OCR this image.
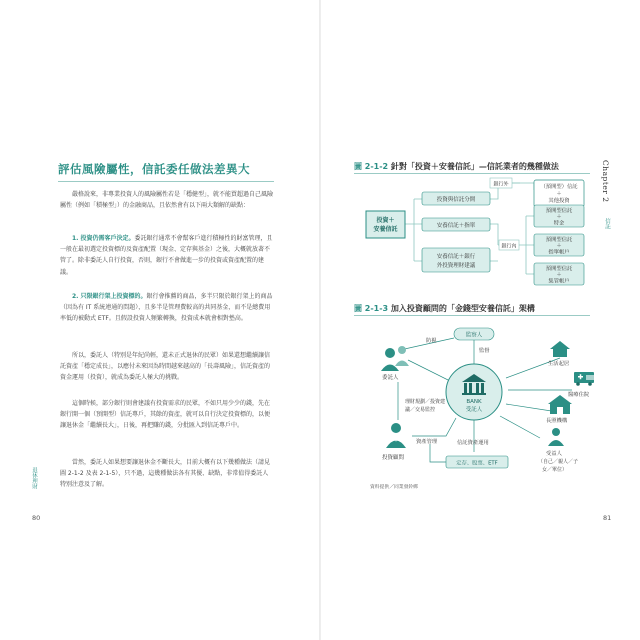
評估風險屬性，信託委任做法差異大
嚴格說來，非專業投資人的風險屬性若是「穩健型」，就不能買超過自己風險屬性（例如「積極型」）的金融商品，且依然會有以下兩大類解的缺點：
1. 投資仍需客戶決定。委託銀行通常不會幫客戶進行積極性的財富管理，且一般在最初選定投資標的及資產配置（現金、定存與基金）之後，大概就放著不管了。除非委託人自行投資，否則，銀行不會做進一步的投資或資產配置的建議。
2. 只限銀行架上投資標的。銀行會推薦的商品，多半只限於銀行架上的商品（因為有 IT 系統連通的問題），且多半是管理費較高的共同基金，而不是總費用率低的被動式 ETF。且假設投資人頻繁轉換，投資成本就會相對墊高。
所以，委託人（特別是年紀尚輕，還未正式退休的民眾）如果還想繼續讓信託資產「穩定成長」，以應付未來因為時間越來越高的「長壽風險」，信託資產的資金運用（投資），就成為委託人極大的挑戰。
這個時候，部分銀行則會建議有投資需求的民眾，不如只用少少的錢，先在銀行開一個（預開型）信託專戶，其餘的資產，就可以自行決定投資標的，以便讓退休金「繼續長大」，日後，再把賺的錢，分批匯入到信託專戶中。
當然，委託人如果想要讓退休金不斷長大，目前大概有以下幾種做法（請見圖 2-1-2 及表 2-1-5），只不過，這幾種做法各有其優、缺點，非常值得委託人特別注意及了解。
退休理財
80
Chapter 2
信託
圖 2-1-2 針對「投資＋安養信託」—信託業者的幾種做法
投資＋
安養信託
投資與信託分開
安養信託＋指單
安養信託＋銀行
外投資理財建議
銀行外
銀行內
（預開型）信託
＋
其他投資
預開型信託
＋
特金
預開型信託
＋
指單帳戶
預開型信託
＋
集管帳戶
圖 2-1-3 加入投資顧問的「金錢型安養信託」架構
監察人
防視
監督
委託人
BANK
受託人
理財規劃／投資建
議／交易監控
投資顧問
資產管理	信託資產運用
定存、股票、ETF
生活起居
醫療住院
長照機構
受益人
（自己／親人／子
女／單位）
資料提供／同業發鈴綁
81
